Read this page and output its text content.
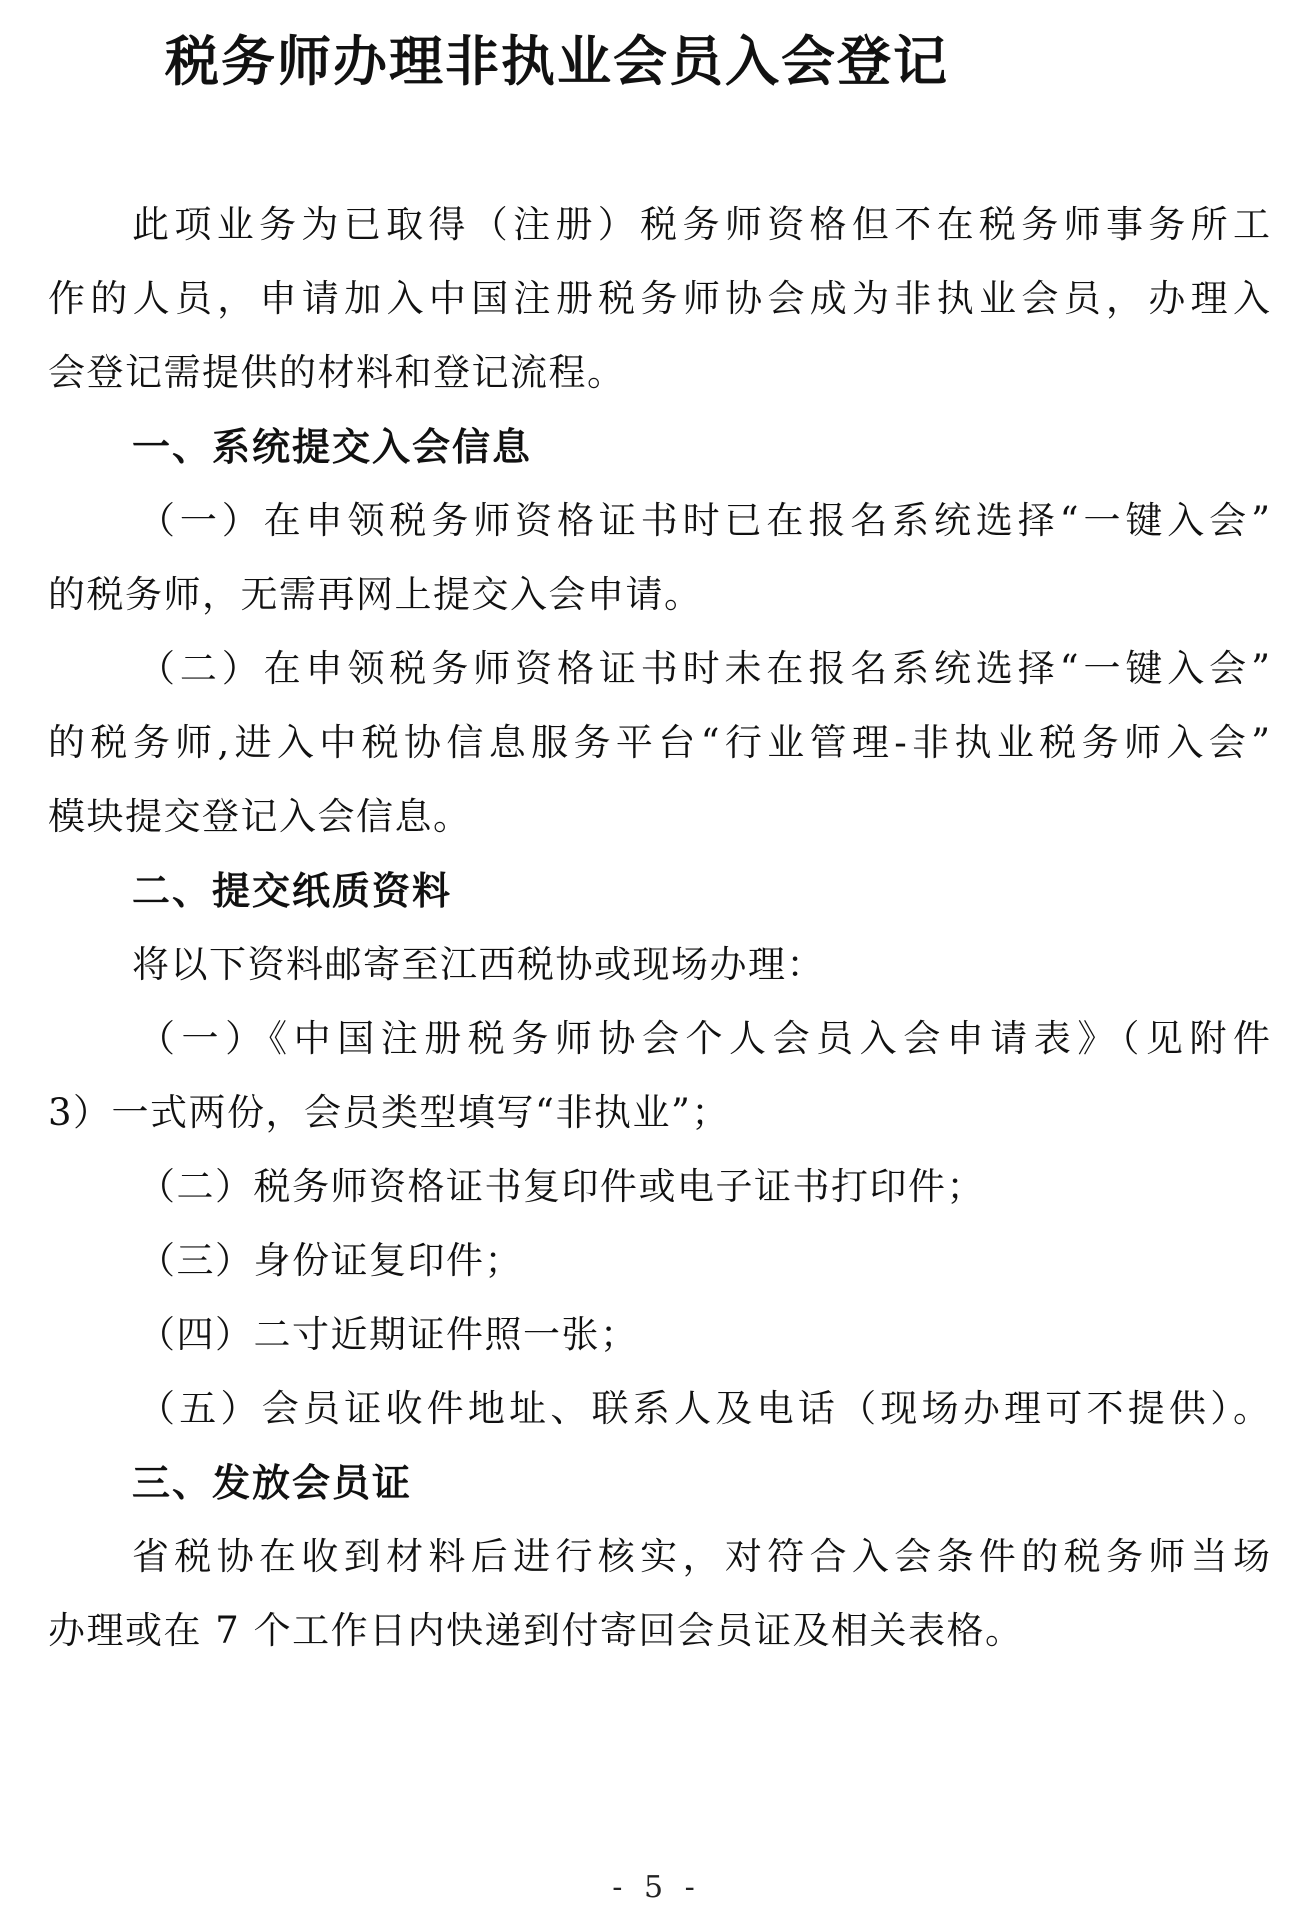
税务师办理非执业会员入会登记
此项业务为已取得（注册）税务师资格但不在税务师事务所工
作的人员，申请加入中国注册税务师协会成为非执业会员，办理入
会登记需提供的材料和登记流程。
一、系统提交入会信息
（一）在申领税务师资格证书时已在报名系统选择“一键入会”
的税务师，无需再网上提交入会申请。
（二）在申领税务师资格证书时未在报名系统选择“一键入会”
的税务师,进入中税协信息服务平台“行业管理-非执业税务师入会”
模块提交登记入会信息。
二、提交纸质资料
将以下资料邮寄至江西税协或现场办理：
（一）《中国注册税务师协会个人会员入会申请表》（见附件
3）一式两份，会员类型填写“非执业”；
（二）税务师资格证书复印件或电子证书打印件；
（三）身份证复印件；
（四）二寸近期证件照一张；
（五）会员证收件地址、联系人及电话（现场办理可不提供）。
三、发放会员证
省税协在收到材料后进行核实，对符合入会条件的税务师当场
办理或在 7 个工作日内快递到付寄回会员证及相关表格。
- 5 -
